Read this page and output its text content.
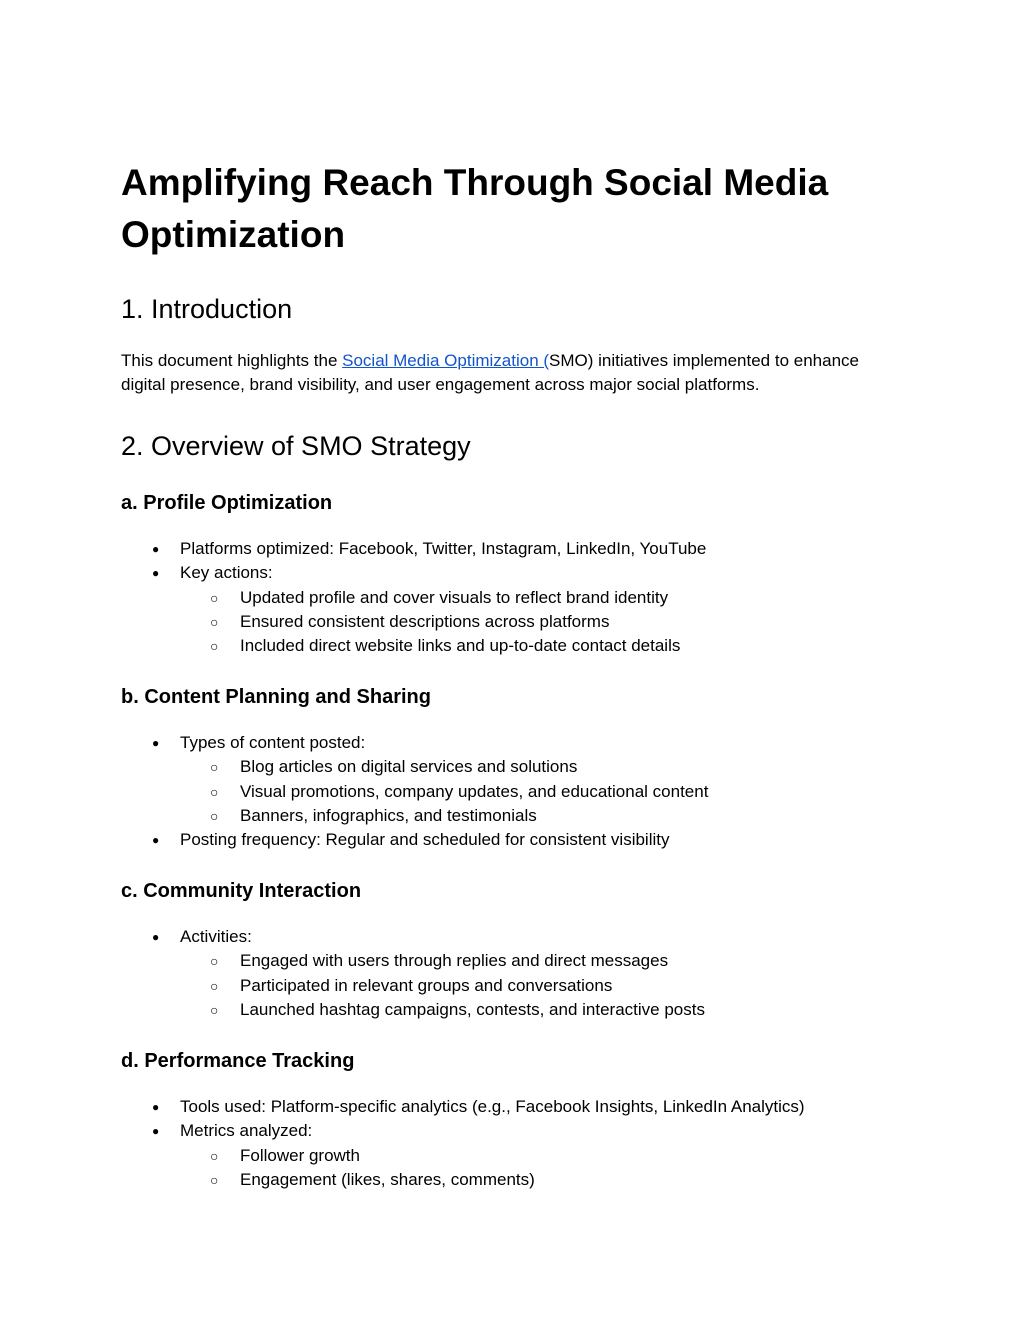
Amplifying Reach Through Social Media Optimization
1. Introduction

This document highlights the Social Media Optimization (SMO) initiatives implemented to enhance digital presence, brand visibility, and user engagement across major social platforms.

2. Overview of SMO Strategy
a. Profile Optimization
● Platforms optimized: Facebook, Twitter, Instagram, LinkedIn, YouTube
● Key actions:
○ Updated profile and cover visuals to reflect brand identity
○ Ensured consistent descriptions across platforms
○ Included direct website links and up-to-date contact details
b. Content Planning and Sharing
● Types of content posted:
○ Blog articles on digital services and solutions
○ Visual promotions, company updates, and educational content
○ Banners, infographics, and testimonials
● Posting frequency: Regular and scheduled for consistent visibility
c. Community Interaction
● Activities:
○ Engaged with users through replies and direct messages
○ Participated in relevant groups and conversations
○ Launched hashtag campaigns, contests, and interactive posts
d. Performance Tracking
● Tools used: Platform-specific analytics (e.g., Facebook Insights, LinkedIn Analytics)
● Metrics analyzed:
○ Follower growth
○ Engagement (likes, shares, comments)
